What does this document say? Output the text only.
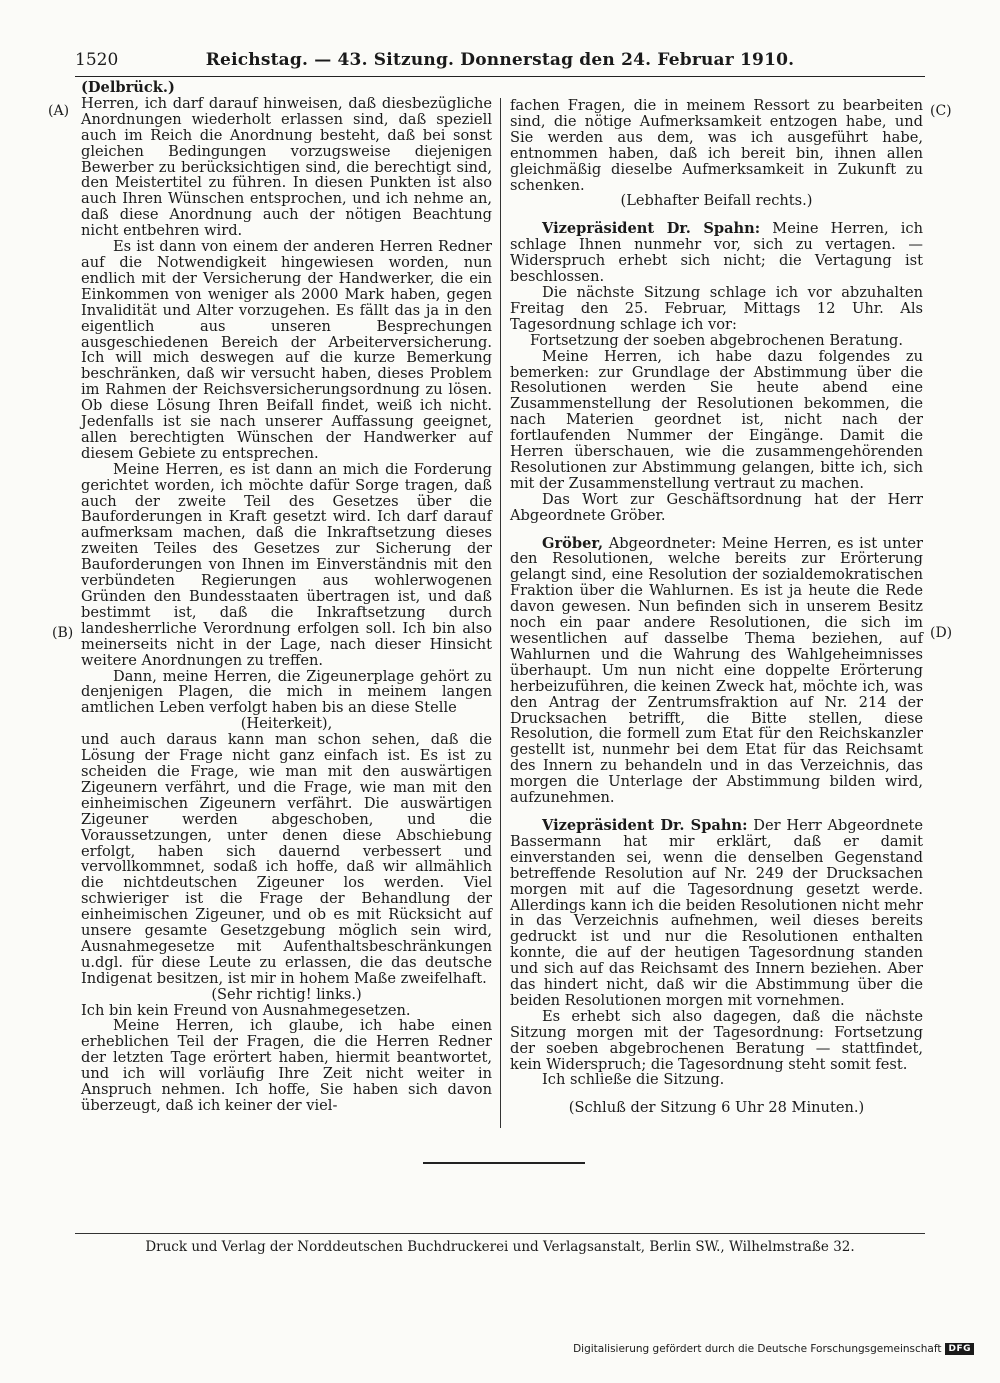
1520	Reichstag. — 43. Sitzung. Donnerstag den 24. Februar 1910.
(A)
(B)
(C)
(D)

(Delbrück.)

Herren, ich darf darauf hinweisen, daß diesbezügliche Anordnungen wiederholt erlassen sind, daß speziell auch im Reich die Anordnung besteht, daß bei sonst gleichen Bedingungen vorzugsweise diejenigen Bewerber zu berücksichtigen sind, die berechtigt sind, den Meistertitel zu führen. In diesen Punkten ist also auch Ihren Wünschen entsprochen, und ich nehme an, daß diese Anordnung auch der nötigen Beachtung nicht entbehren wird.

Es ist dann von einem der anderen Herren Redner auf die Notwendigkeit hingewiesen worden, nun endlich mit der Versicherung der Handwerker, die ein Einkommen von weniger als 2000 Mark haben, gegen Invalidität und Alter vorzugehen. Es fällt das ja in den eigentlich aus unseren Besprechungen ausgeschiedenen Bereich der Arbeiterversicherung. Ich will mich deswegen auf die kurze Bemerkung beschränken, daß wir versucht haben, dieses Problem im Rahmen der Reichsversicherungsordnung zu lösen. Ob diese Lösung Ihren Beifall findet, weiß ich nicht. Jedenfalls ist sie nach unserer Auffassung geeignet, allen berechtigten Wünschen der Handwerker auf diesem Gebiete zu entsprechen.

Meine Herren, es ist dann an mich die Forderung gerichtet worden, ich möchte dafür Sorge tragen, daß auch der zweite Teil des Gesetzes über die Bauforderungen in Kraft gesetzt wird. Ich darf darauf aufmerksam machen, daß die Inkraftsetzung dieses zweiten Teiles des Gesetzes zur Sicherung der Bauforderungen von Ihnen im Einverständnis mit den verbündeten Regierungen aus wohlerwogenen Gründen den Bundesstaaten übertragen ist, und daß bestimmt ist, daß die Inkraftsetzung durch landesherrliche Verordnung erfolgen soll. Ich bin also meinerseits nicht in der Lage, nach dieser Hinsicht weitere Anordnungen zu treffen.

Dann, meine Herren, die Zigeunerplage gehört zu denjenigen Plagen, die mich in meinem langen amtlichen Leben verfolgt haben bis an diese Stelle

(Heiterkeit),

und auch daraus kann man schon sehen, daß die Lösung der Frage nicht ganz einfach ist. Es ist zu scheiden die Frage, wie man mit den auswärtigen Zigeunern verfährt, und die Frage, wie man mit den einheimischen Zigeunern verfährt. Die auswärtigen Zigeuner werden abgeschoben, und die Voraussetzungen, unter denen diese Abschiebung erfolgt, haben sich dauernd verbessert und vervollkommnet, sodaß ich hoffe, daß wir allmählich die nichtdeutschen Zigeuner los werden. Viel schwieriger ist die Frage der Behandlung der einheimischen Zigeuner, und ob es mit Rücksicht auf unsere gesamte Gesetzgebung möglich sein wird, Ausnahmegesetze mit Aufenthaltsbeschränkungen u.dgl. für diese Leute zu erlassen, die das deutsche Indigenat besitzen, ist mir in hohem Maße zweifelhaft.

(Sehr richtig! links.)

Ich bin kein Freund von Ausnahmegesetzen.

Meine Herren, ich glaube, ich habe einen erheblichen Teil der Fragen, die die Herren Redner der letzten Tage erörtert haben, hiermit beantwortet, und ich will vorläufig Ihre Zeit nicht weiter in Anspruch nehmen. Ich hoffe, Sie haben sich davon überzeugt, daß ich keiner der viel-

fachen Fragen, die in meinem Ressort zu bearbeiten sind, die nötige Aufmerksamkeit entzogen habe, und Sie werden aus dem, was ich ausgeführt habe, entnommen haben, daß ich bereit bin, ihnen allen gleichmäßig dieselbe Aufmerksamkeit in Zukunft zu schenken.

(Lebhafter Beifall rechts.)

Vizepräsident Dr. Spahn: Meine Herren, ich schlage Ihnen nunmehr vor, sich zu vertagen. — Widerspruch erhebt sich nicht; die Vertagung ist beschlossen.

Die nächste Sitzung schlage ich vor abzuhalten Freitag den 25. Februar, Mittags 12 Uhr. Als Tagesordnung schlage ich vor:

Fortsetzung der soeben abgebrochenen Beratung.

Meine Herren, ich habe dazu folgendes zu bemerken: zur Grundlage der Abstimmung über die Resolutionen werden Sie heute abend eine Zusammenstellung der Resolutionen bekommen, die nach Materien geordnet ist, nicht nach der fortlaufenden Nummer der Eingänge. Damit die Herren überschauen, wie die zusammengehörenden Resolutionen zur Abstimmung gelangen, bitte ich, sich mit der Zusammenstellung vertraut zu machen.

Das Wort zur Geschäftsordnung hat der Herr Abgeordnete Gröber.

Gröber, Abgeordneter: Meine Herren, es ist unter den Resolutionen, welche bereits zur Erörterung gelangt sind, eine Resolution der sozialdemokratischen Fraktion über die Wahlurnen. Es ist ja heute die Rede davon gewesen. Nun befinden sich in unserem Besitz noch ein paar andere Resolutionen, die sich im wesentlichen auf dasselbe Thema beziehen, auf Wahlurnen und die Wahrung des Wahlgeheimnisses überhaupt. Um nun nicht eine doppelte Erörterung herbeizuführen, die keinen Zweck hat, möchte ich, was den Antrag der Zentrumsfraktion auf Nr. 214 der Drucksachen betrifft, die Bitte stellen, diese Resolution, die formell zum Etat für den Reichskanzler gestellt ist, nunmehr bei dem Etat für das Reichsamt des Innern zu behandeln und in das Verzeichnis, das morgen die Unterlage der Abstimmung bilden wird, aufzunehmen.

Vizepräsident Dr. Spahn: Der Herr Abgeordnete Bassermann hat mir erklärt, daß er damit einverstanden sei, wenn die denselben Gegenstand betreffende Resolution auf Nr. 249 der Drucksachen morgen mit auf die Tagesordnung gesetzt werde. Allerdings kann ich die beiden Resolutionen nicht mehr in das Verzeichnis aufnehmen, weil dieses bereits gedruckt ist und nur die Resolutionen enthalten konnte, die auf der heutigen Tagesordnung standen und sich auf das Reichsamt des Innern beziehen. Aber das hindert nicht, daß wir die Abstimmung über die beiden Resolutionen morgen mit vornehmen.

Es erhebt sich also dagegen, daß die nächste Sitzung morgen mit der Tagesordnung: Fortsetzung der soeben abgebrochenen Beratung — stattfindet, kein Widerspruch; die Tagesordnung steht somit fest.

Ich schließe die Sitzung.

(Schluß der Sitzung 6 Uhr 28 Minuten.)

Druck und Verlag der Norddeutschen Buchdruckerei und Verlagsanstalt, Berlin SW., Wilhelmstraße 32.
Digitalisierung gefördert durch die Deutsche Forschungsgemeinschaft DFG
